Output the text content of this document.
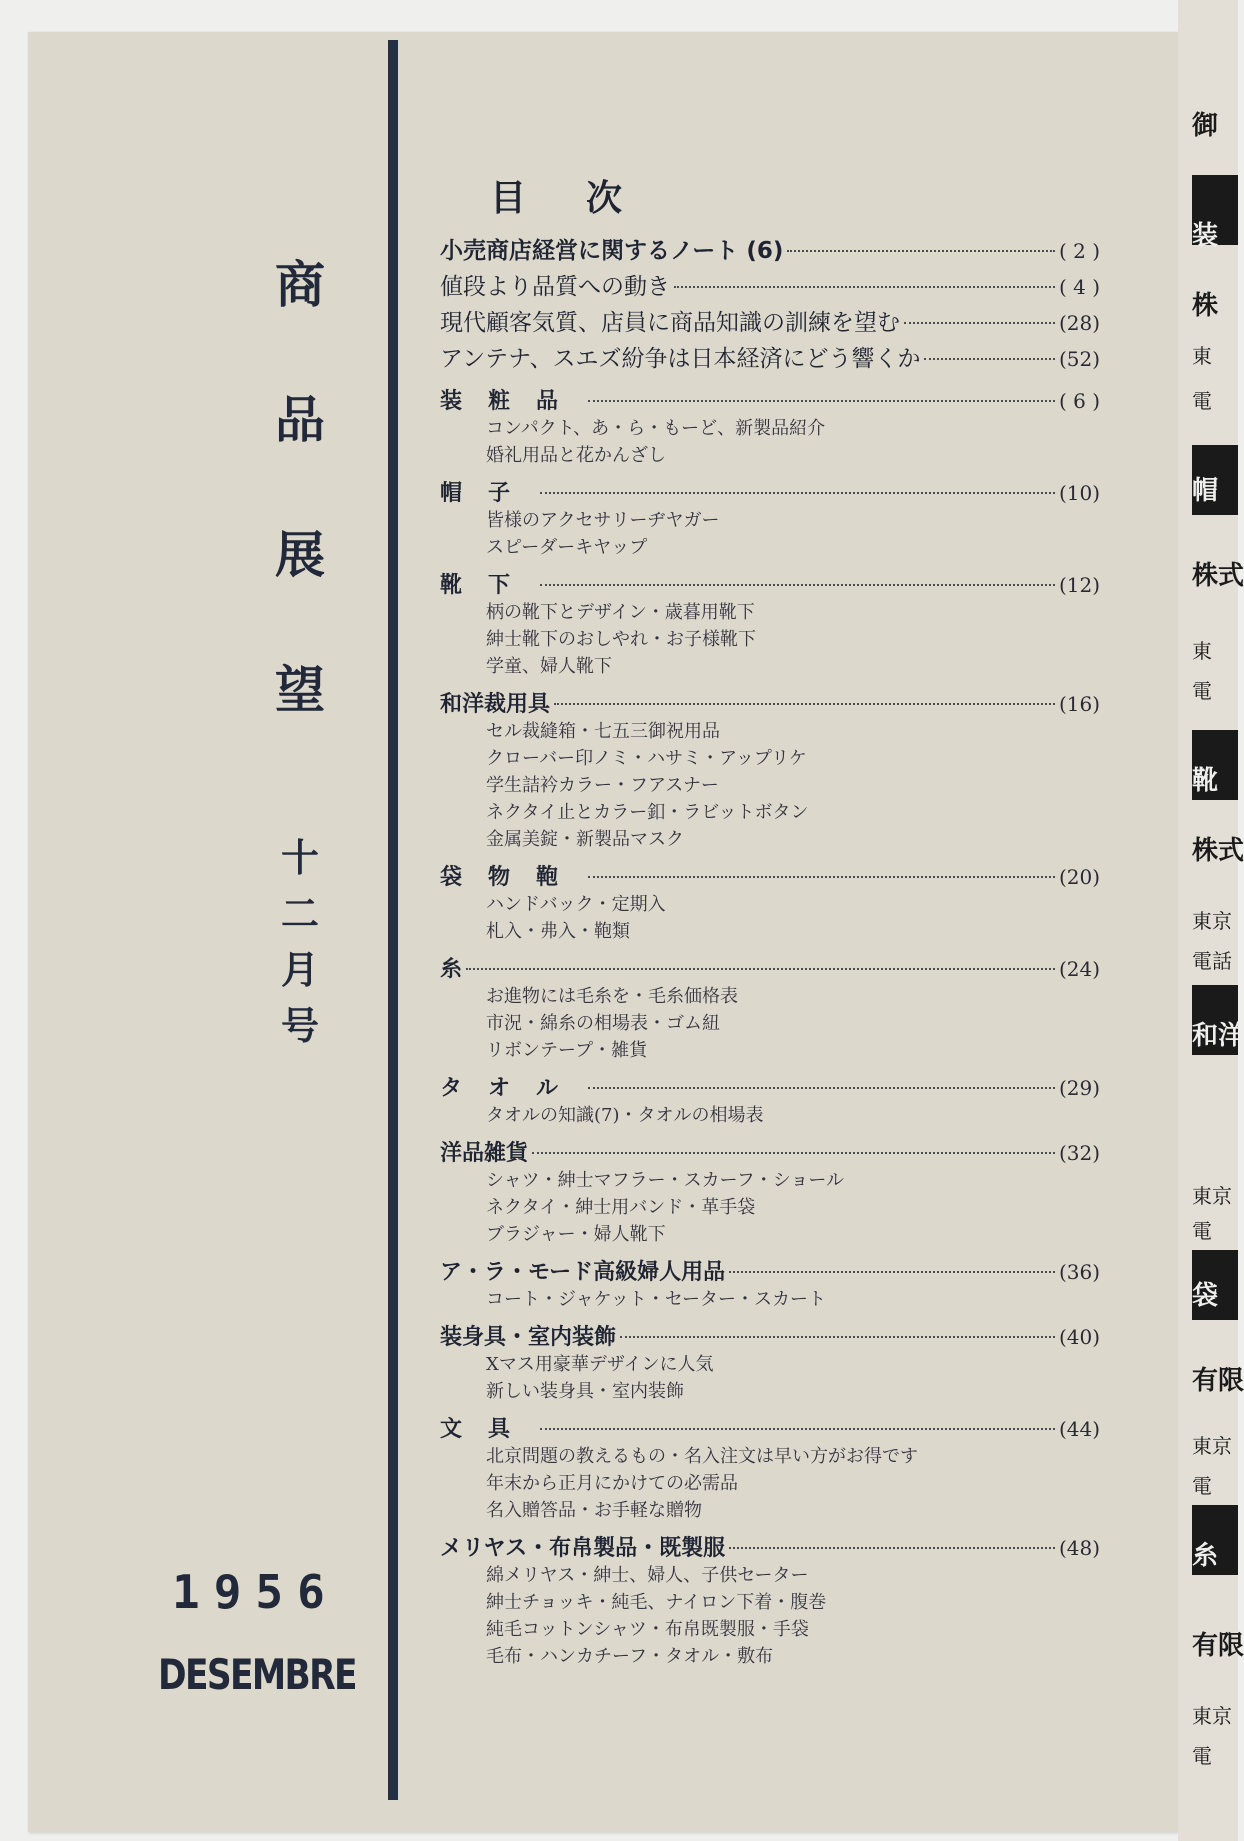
商
品
展
望
十
二
月
号
1956
DESEMBRE
目次
小売商店経営に関するノート (6)	( 2 )
値段より品質への動き	( 4 )
現代顧客気質、店員に商品知識の訓練を望む	(28)
アンテナ、スエズ紛争は日本経済にどう響くか	(52)
装粧品	( 6 )
コンパクト、あ・ら・もーど、新製品紹介
婚礼用品と花かんざし
帽子	(10)
皆様のアクセサリーヂヤガー
スピーダーキヤップ
靴下	(12)
柄の靴下とデザイン・歳暮用靴下
紳士靴下のおしやれ・お子様靴下
学童、婦人靴下
和洋裁用具	(16)
セル裁縫箱・七五三御祝用品
クローバー印ノミ・ハサミ・アップリケ
学生詰衿カラー・フアスナー
ネクタイ止とカラー釦・ラビットボタン
金属美錠・新製品マスク
袋物鞄	(20)
ハンドバック・定期入
札入・弗入・鞄類
糸	(24)
お進物には毛糸を・毛糸価格表
市況・綿糸の相場表・ゴム紐
リボンテープ・雑貨
タオル	(29)
タオルの知識(7)・タオルの相場表
洋品雑貨	(32)
シャツ・紳士マフラー・スカーフ・ショール
ネクタイ・紳士用バンド・革手袋
ブラジャー・婦人靴下
ア・ラ・モード高級婦人用品	(36)
コート・ジャケット・セーター・スカート
装身具・室内装飾	(40)
Xマス用豪華デザインに人気
新しい装身具・室内装飾
文具	(44)
北京問題の教えるもの・名入注文は早い方がお得です
年末から正月にかけての必需品
名入贈答品・お手軽な贈物
メリヤス・布帛製品・既製服	(48)
綿メリヤス・紳士、婦人、子供セーター
紳士チョッキ・純毛、ナイロン下着・腹巻
純毛コットンシャツ・布帛既製服・手袋
毛布・ハンカチーフ・タオル・敷布
御
装
株
東
電
帽
株式
東
電
靴
株式
東京
電話
和洋
東京
電
袋
有限
東京
電
糸
有限
東京
電
